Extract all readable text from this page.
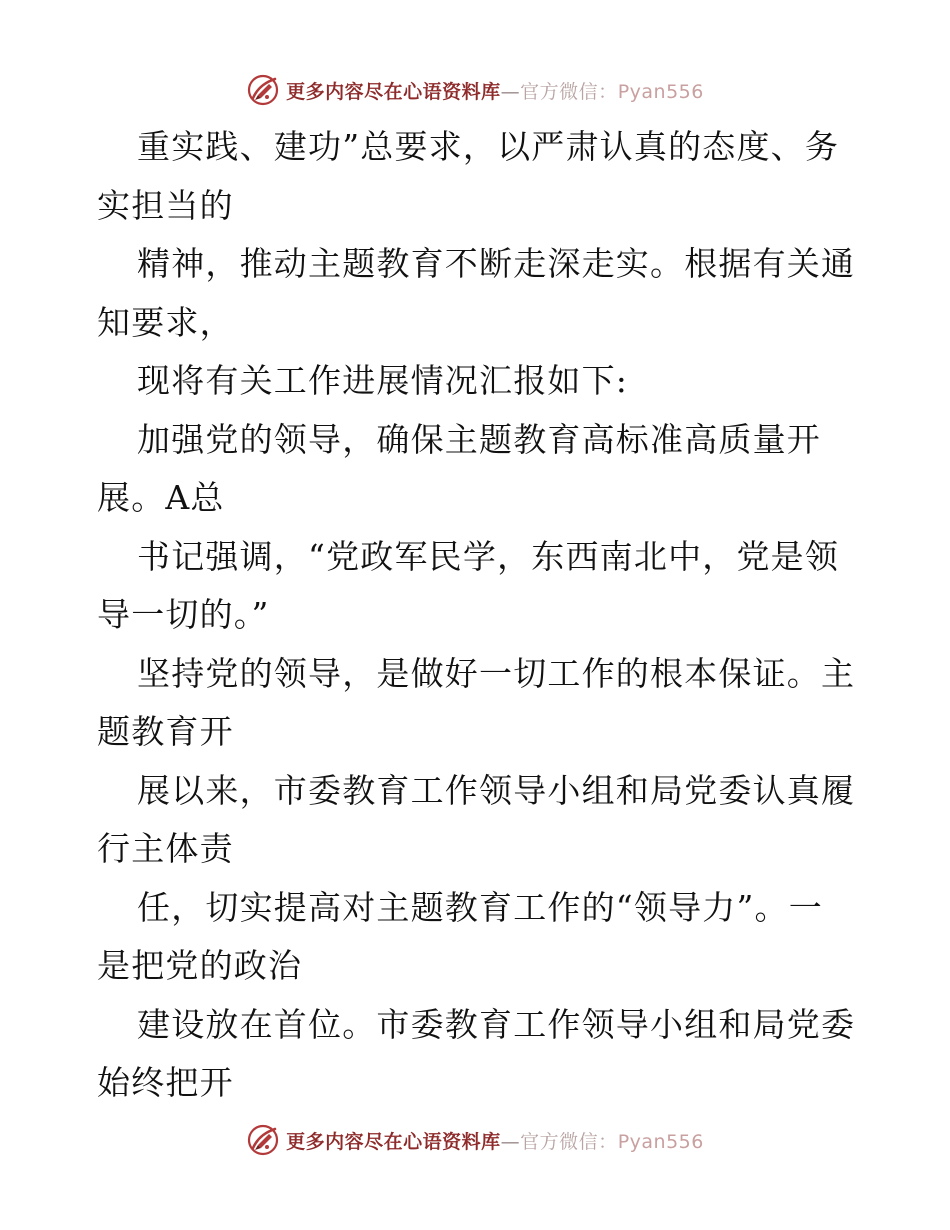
更多内容尽在心语资料库—官方微信：Pyan556
重实践、建功”总要求，以严肃认真的态度、务
实担当的
精神，推动主题教育不断走深走实。根据有关通
知要求，
现将有关工作进展情况汇报如下:
加强党的领导，确保主题教育高标准高质量开
展。A总
书记强调，“党政军民学，东西南北中，党是领
导一切的。”
坚持党的领导，是做好一切工作的根本保证。主
题教育开
展以来，市委教育工作领导小组和局党委认真履
行主体责
任，切实提高对主题教育工作的“领导力”。一
是把党的政治
建设放在首位。市委教育工作领导小组和局党委
始终把开
更多内容尽在心语资料库—官方微信：Pyan556
